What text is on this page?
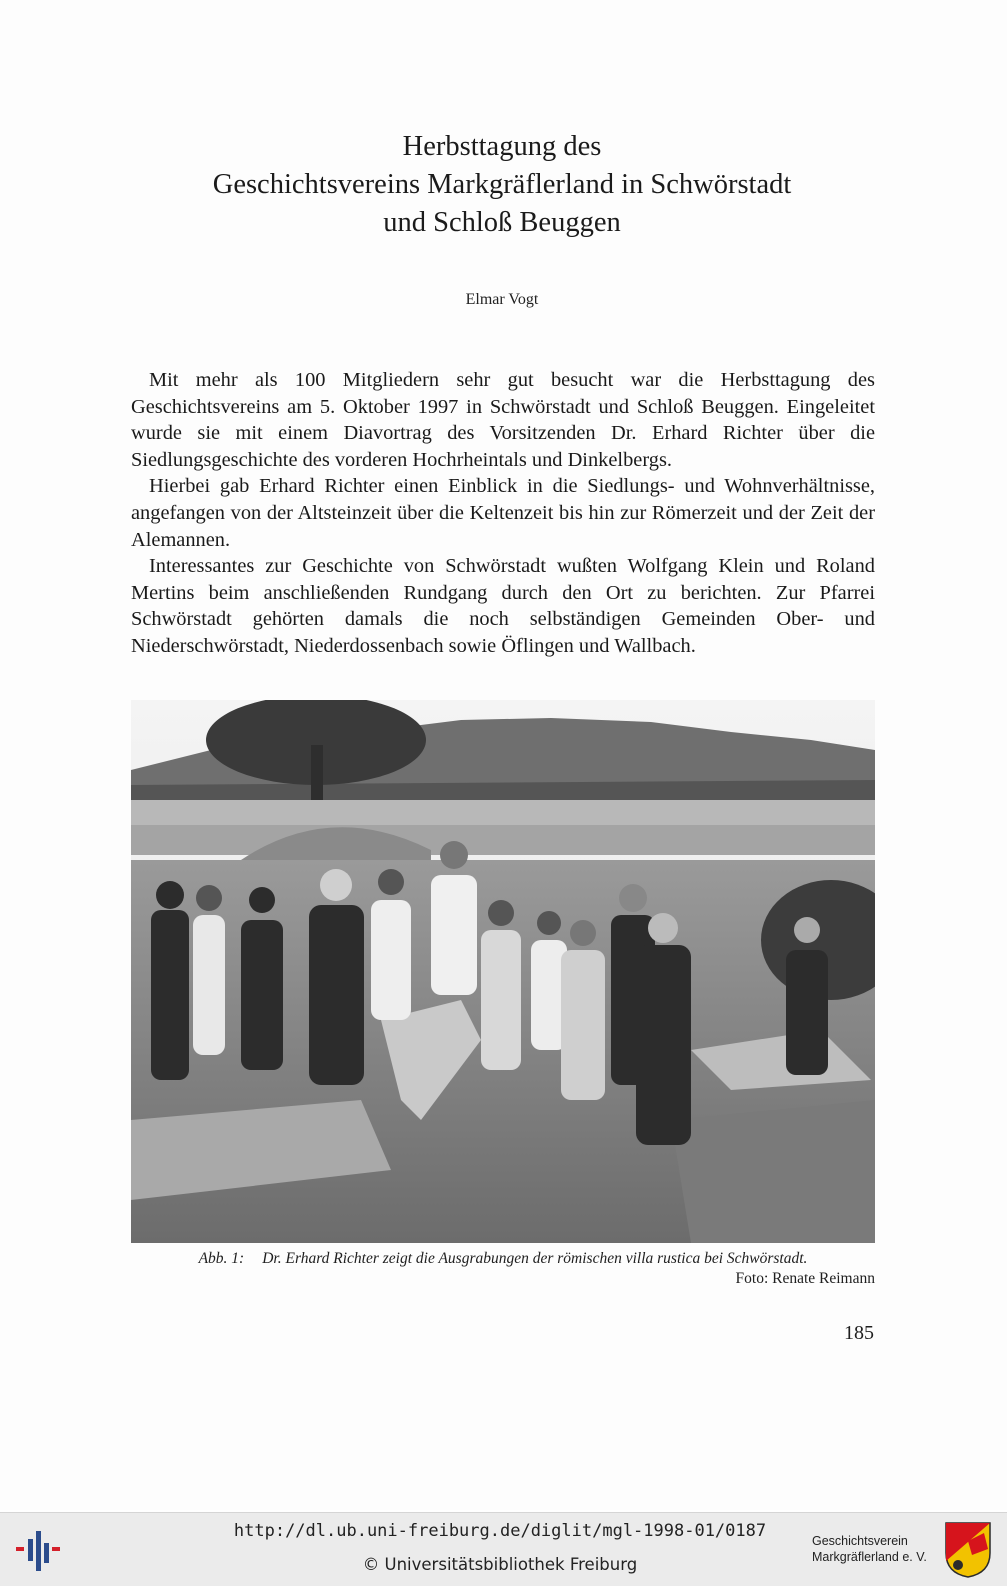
Herbsttagung des
Geschichtsvereins Markgräflerland in Schwörstadt
und Schloß Beuggen
Elmar Vogt

Mit mehr als 100 Mitgliedern sehr gut besucht war die Herbsttagung des Geschichtsvereins am 5. Oktober 1997 in Schwörstadt und Schloß Beuggen. Eingeleitet wurde sie mit einem Diavortrag des Vorsitzenden Dr. Erhard Richter über die Siedlungsgeschichte des vorderen Hochrheintals und Dinkelbergs.

Hierbei gab Erhard Richter einen Einblick in die Siedlungs- und Wohnverhältnisse, angefangen von der Altsteinzeit über die Keltenzeit bis hin zur Römerzeit und der Zeit der Alemannen.

Interessantes zur Geschichte von Schwörstadt wußten Wolfgang Klein und Roland Mertins beim anschließenden Rundgang durch den Ort zu berichten. Zur Pfarrei Schwörstadt gehörten damals die noch selbständigen Gemeinden Ober- und Niederschwörstadt, Niederdossenbach sowie Öflingen und Wallbach.

Abb. 1: Dr. Erhard Richter zeigt die Ausgrabungen der römischen villa rustica bei Schwörstadt.
Foto: Renate Reimann
185
http://dl.ub.uni-freiburg.de/diglit/mgl-1998-01/0187
© Universitätsbibliothek Freiburg
Geschichtsverein
Markgräflerland e. V.
